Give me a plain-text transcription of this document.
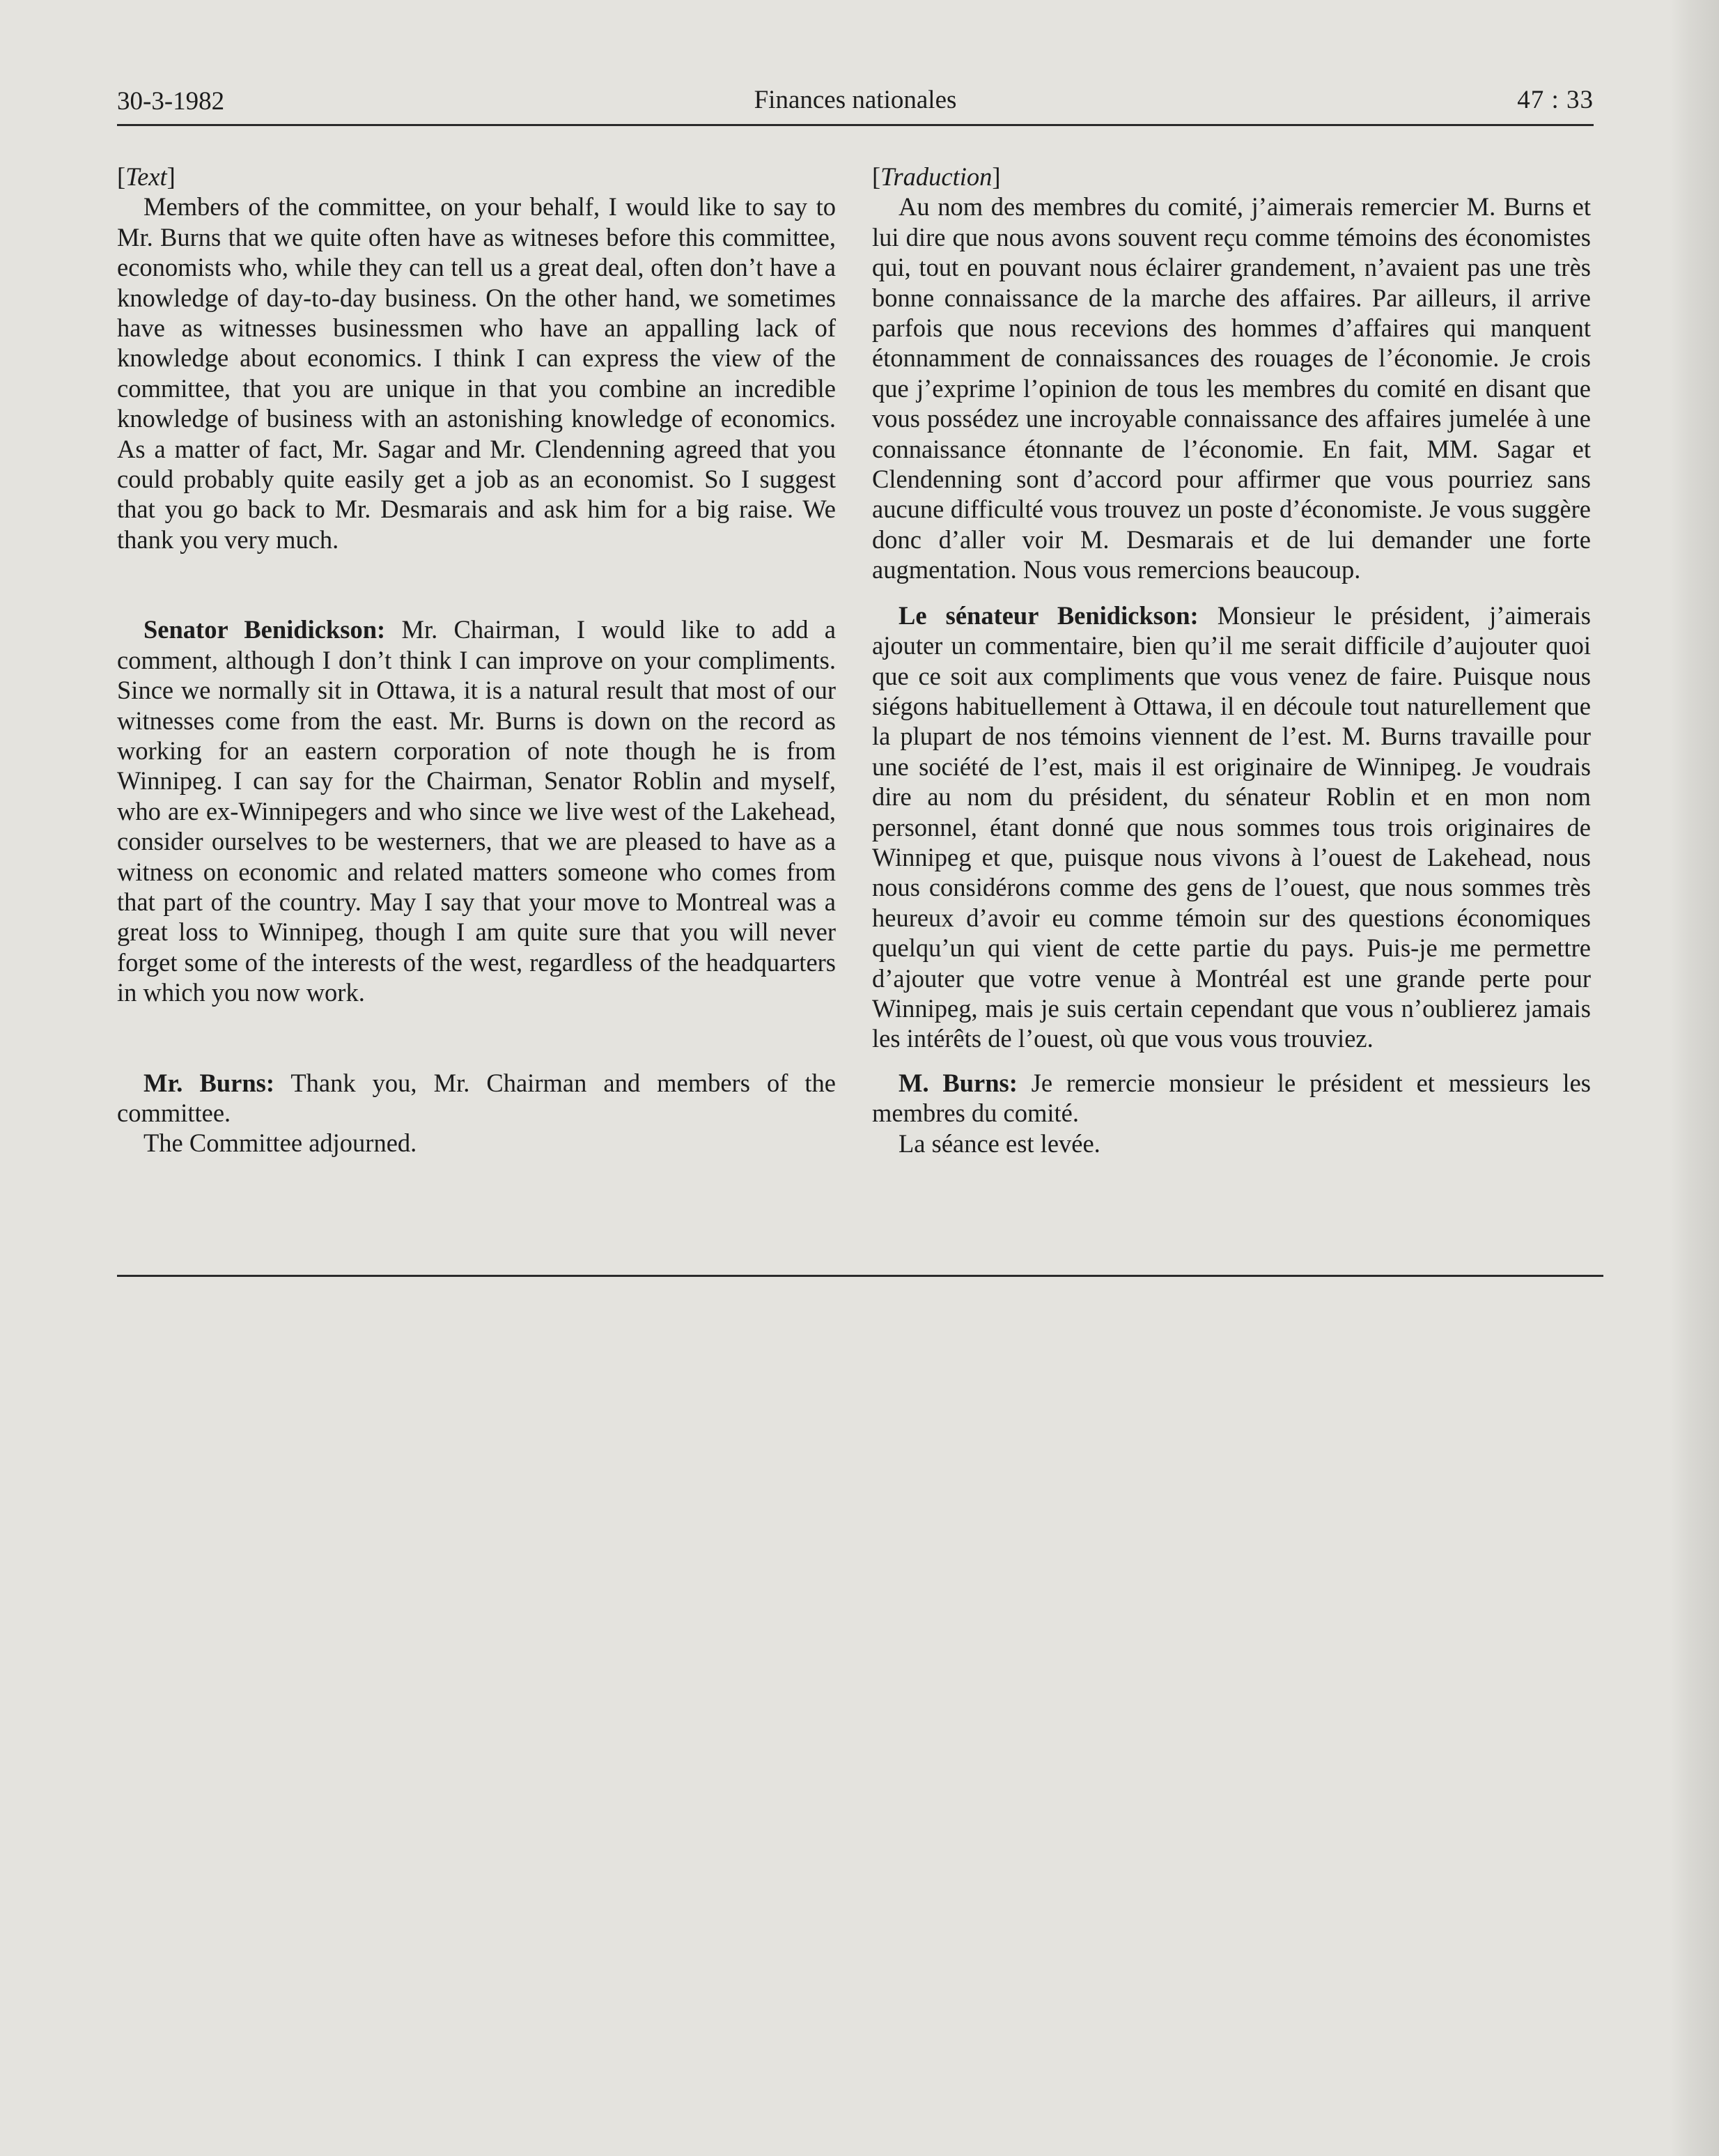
30-3-1982	Finances nationales	47 : 33
[Text]

Members of the committee, on your behalf, I would like to say to Mr. Burns that we quite often have as witneses before this committee, economists who, while they can tell us a great deal, often don’t have a knowledge of day-to-day business. On the other hand, we sometimes have as witnesses businessmen who have an appalling lack of knowledge about economics. I think I can express the view of the committee, that you are unique in that you combine an incredible knowledge of business with an astonishing knowledge of economics. As a matter of fact, Mr. Sagar and Mr. Clendenning agreed that you could probably quite easily get a job as an economist. So I suggest that you go back to Mr. Desmarais and ask him for a big raise. We thank you very much.

Senator Benidickson: Mr. Chairman, I would like to add a comment, although I don’t think I can improve on your compliments. Since we normally sit in Ottawa, it is a natural result that most of our witnesses come from the east. Mr. Burns is down on the record as working for an eastern corporation of note though he is from Winnipeg. I can say for the Chairman, Senator Roblin and myself, who are ex-Winnipegers and who since we live west of the Lakehead, consider ourselves to be westerners, that we are pleased to have as a witness on economic and related matters someone who comes from that part of the country. May I say that your move to Montreal was a great loss to Winnipeg, though I am quite sure that you will never forget some of the interests of the west, regardless of the headquarters in which you now work.

Mr. Burns: Thank you, Mr. Chairman and members of the committee.

The Committee adjourned.

[Traduction]

Au nom des membres du comité, j’aimerais remercier M. Burns et lui dire que nous avons souvent reçu comme témoins des économistes qui, tout en pouvant nous éclairer grandement, n’avaient pas une très bonne connaissance de la marche des affaires. Par ailleurs, il arrive parfois que nous recevions des hommes d’affaires qui manquent étonnamment de connaissances des rouages de l’économie. Je crois que j’exprime l’opinion de tous les membres du comité en disant que vous possédez une incroyable connaissance des affaires jumelée à une connaissance étonnante de l’économie. En fait, MM. Sagar et Clendenning sont d’accord pour affirmer que vous pourriez sans aucune difficulté vous trouvez un poste d’économiste. Je vous suggère donc d’aller voir M. Desmarais et de lui demander une forte augmentation. Nous vous remercions beaucoup.

Le sénateur Benidickson: Monsieur le président, j’aimerais ajouter un commentaire, bien qu’il me serait difficile d’aujouter quoi que ce soit aux compliments que vous venez de faire. Puisque nous siégons habituellement à Ottawa, il en découle tout naturellement que la plupart de nos témoins viennent de l’est. M. Burns travaille pour une société de l’est, mais il est originaire de Winnipeg. Je voudrais dire au nom du président, du sénateur Roblin et en mon nom personnel, étant donné que nous sommes tous trois originaires de Winnipeg et que, puisque nous vivons à l’ouest de Lakehead, nous nous considérons comme des gens de l’ouest, que nous sommes très heureux d’avoir eu comme témoin sur des questions économiques quelqu’un qui vient de cette partie du pays. Puis-je me permettre d’ajouter que votre venue à Montréal est une grande perte pour Winnipeg, mais je suis certain cependant que vous n’oublierez jamais les intérêts de l’ouest, où que vous vous trouviez.

M. Burns: Je remercie monsieur le président et messieurs les membres du comité.

La séance est levée.
